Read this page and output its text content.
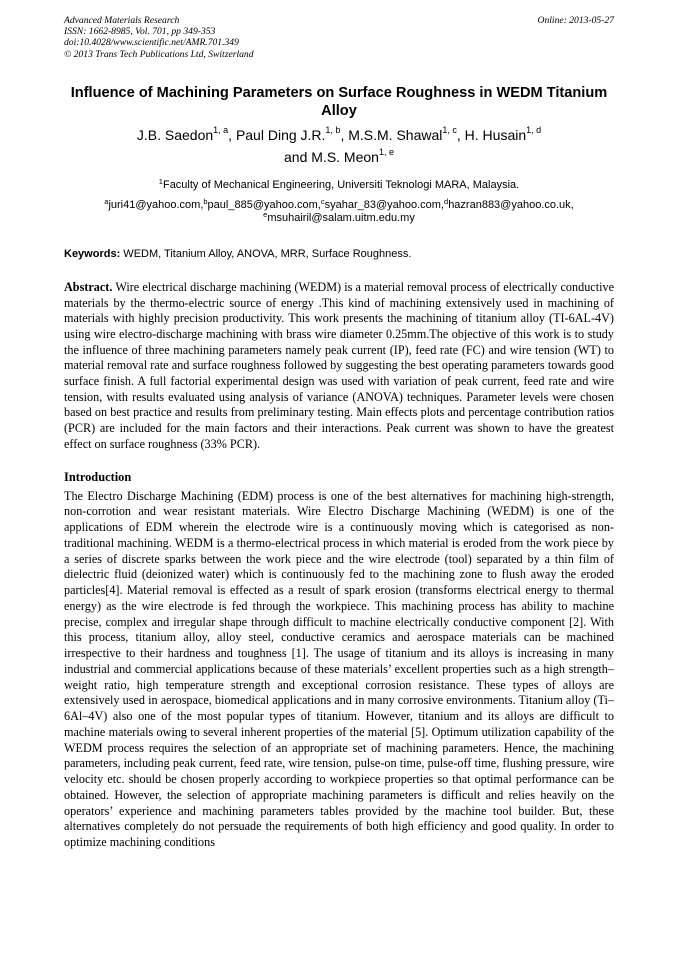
Advanced Materials Research
ISSN: 1662-8985, Vol. 701, pp 349-353
doi:10.4028/www.scientific.net/AMR.701.349
© 2013 Trans Tech Publications Ltd, Switzerland
Online: 2013-05-27
Influence of Machining Parameters on Surface Roughness in WEDM Titanium Alloy
J.B. Saedon$^{1, a}$, Paul Ding J.R.$^{1, b}$, M.S.M. Shawal$^{1, c}$, H. Husain$^{1, d}$
and M.S. Meon$^{1, e}$
$^1$Faculty of Mechanical Engineering, Universiti Teknologi MARA, Malaysia.
$^a$juri41@yahoo.com,$^b$paul_885@yahoo.com,$^c$syahar_83@yahoo.com,$^d$hazran883@yahoo.co.uk,
$^e$msuhairil@salam.uitm.edu.my
Keywords: WEDM, Titanium Alloy, ANOVA, MRR, Surface Roughness.
Abstract. Wire electrical discharge machining (WEDM) is a material removal process of electrically conductive materials by the thermo-electric source of energy .This kind of machining extensively used in machining of materials with highly precision productivity. This work presents the machining of titanium alloy (TI-6AL-4V) using wire electro-discharge machining with brass wire diameter 0.25mm.The objective of this work is to study the influence of three machining parameters namely peak current (IP), feed rate (FC) and wire tension (WT) to material removal rate and surface roughness followed by suggesting the best operating parameters towards good surface finish. A full factorial experimental design was used with variation of peak current, feed rate and wire tension, with results evaluated using analysis of variance (ANOVA) techniques. Parameter levels were chosen based on best practice and results from preliminary testing. Main effects plots and percentage contribution ratios (PCR) are included for the main factors and their interactions. Peak current was shown to have the greatest effect on surface roughness (33% PCR).
Introduction
The Electro Discharge Machining (EDM) process is one of the best alternatives for machining high-strength, non-corrotion and wear resistant materials. Wire Electro Discharge Machining (WEDM) is one of the applications of EDM wherein the electrode wire is a continuously moving which is categorised as non-traditional machining. WEDM is a thermo-electrical process in which material is eroded from the work piece by a series of discrete sparks between the work piece and the wire electrode (tool) separated by a thin film of dielectric fluid (deionized water) which is continuously fed to the machining zone to flush away the eroded particles[4]. Material removal is effected as a result of spark erosion (transforms electrical energy to thermal energy) as the wire electrode is fed through the workpiece. This machining process has ability to machine precise, complex and irregular shape through difficult to machine electrically conductive component [2]. With this process, titanium alloy, alloy steel, conductive ceramics and aerospace materials can be machined irrespective to their hardness and toughness [1]. The usage of titanium and its alloys is increasing in many industrial and commercial applications because of these materials’ excellent properties such as a high strength–weight ratio, high temperature strength and exceptional corrosion resistance. These types of alloys are extensively used in aerospace, biomedical applications and in many corrosive environments. Titanium alloy (Ti–6Al–4V) also one of the most popular types of titanium. However, titanium and its alloys are difficult to machine materials owing to several inherent properties of the material [5]. Optimum utilization capability of the WEDM process requires the selection of an appropriate set of machining parameters. Hence, the machining parameters, including peak current, feed rate, wire tension, pulse-on time, pulse-off time, flushing pressure, wire velocity etc. should be chosen properly according to workpiece properties so that optimal performance can be obtained. However, the selection of appropriate machining parameters is difficult and relies heavily on the operators’ experience and machining parameters tables provided by the machine tool builder. But, these alternatives completely do not persuade the requirements of both high efficiency and good quality. In order to optimize machining conditions
